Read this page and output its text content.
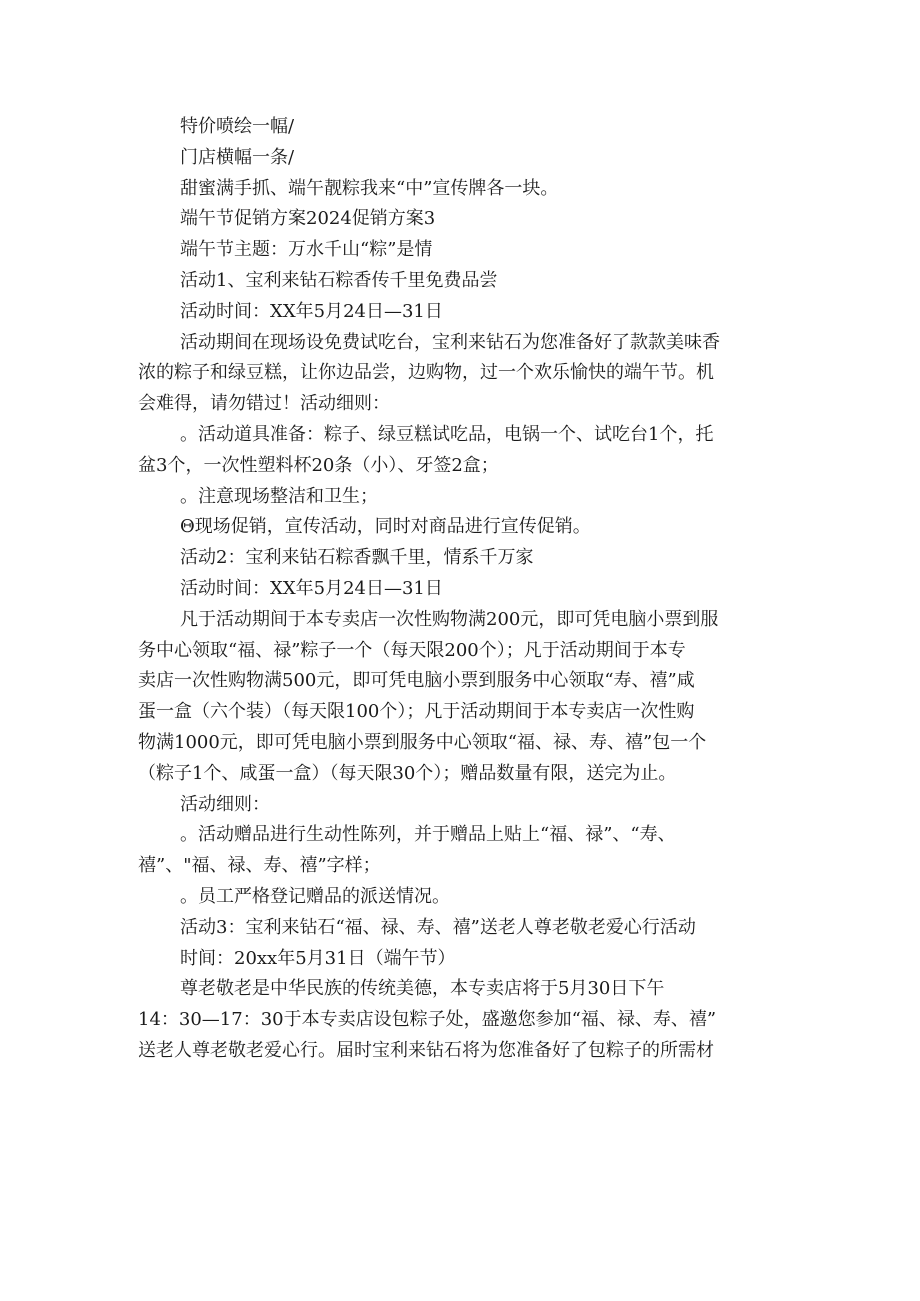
特价喷绘一幅/
门店横幅一条/
甜蜜满手抓、端午靓粽我来“中”宣传牌各一块。
端午节促销方案2024促销方案3
端午节主题：万水千山“粽”是情
活动1、宝利来钻石粽香传千里免费品尝
活动时间：XX年5月24日—31日
活动期间在现场设免费试吃台，宝利来钻石为您准备好了款款美味香
浓的粽子和绿豆糕，让你边品尝，边购物，过一个欢乐愉快的端午节。机
会难得，请勿错过！活动细则：
。活动道具准备：粽子、绿豆糕试吃品，电锅一个、试吃台1个，托
盆3个，一次性塑料杯20条（小）、牙签2盒；
。注意现场整洁和卫生；
Θ现场促销，宣传活动，同时对商品进行宣传促销。
活动2：宝利来钻石粽香飘千里，情系千万家
活动时间：XX年5月24日—31日
凡于活动期间于本专卖店一次性购物满200元，即可凭电脑小票到服
务中心领取“福、禄”粽子一个（每天限200个）；凡于活动期间于本专
卖店一次性购物满500元，即可凭电脑小票到服务中心领取“寿、禧”咸
蛋一盒（六个装）（每天限100个）；凡于活动期间于本专卖店一次性购
物满1000元，即可凭电脑小票到服务中心领取“福、禄、寿、禧”包一个
（粽子1个、咸蛋一盒）（每天限30个）；赠品数量有限，送完为止。
活动细则：
。活动赠品进行生动性陈列，并于赠品上贴上“福、禄”、“寿、
禧”、"福、禄、寿、禧”字样；
。员工严格登记赠品的派送情况。
活动3：宝利来钻石“福、禄、寿、禧”送老人尊老敬老爱心行活动
时间：20xx年5月31日（端午节）
尊老敬老是中华民族的传统美德，本专卖店将于5月30日下午
14：30—17：30于本专卖店设包粽子处，盛邀您参加“福、禄、寿、禧”
送老人尊老敬老爱心行。届时宝利来钻石将为您准备好了包粽子的所需材
